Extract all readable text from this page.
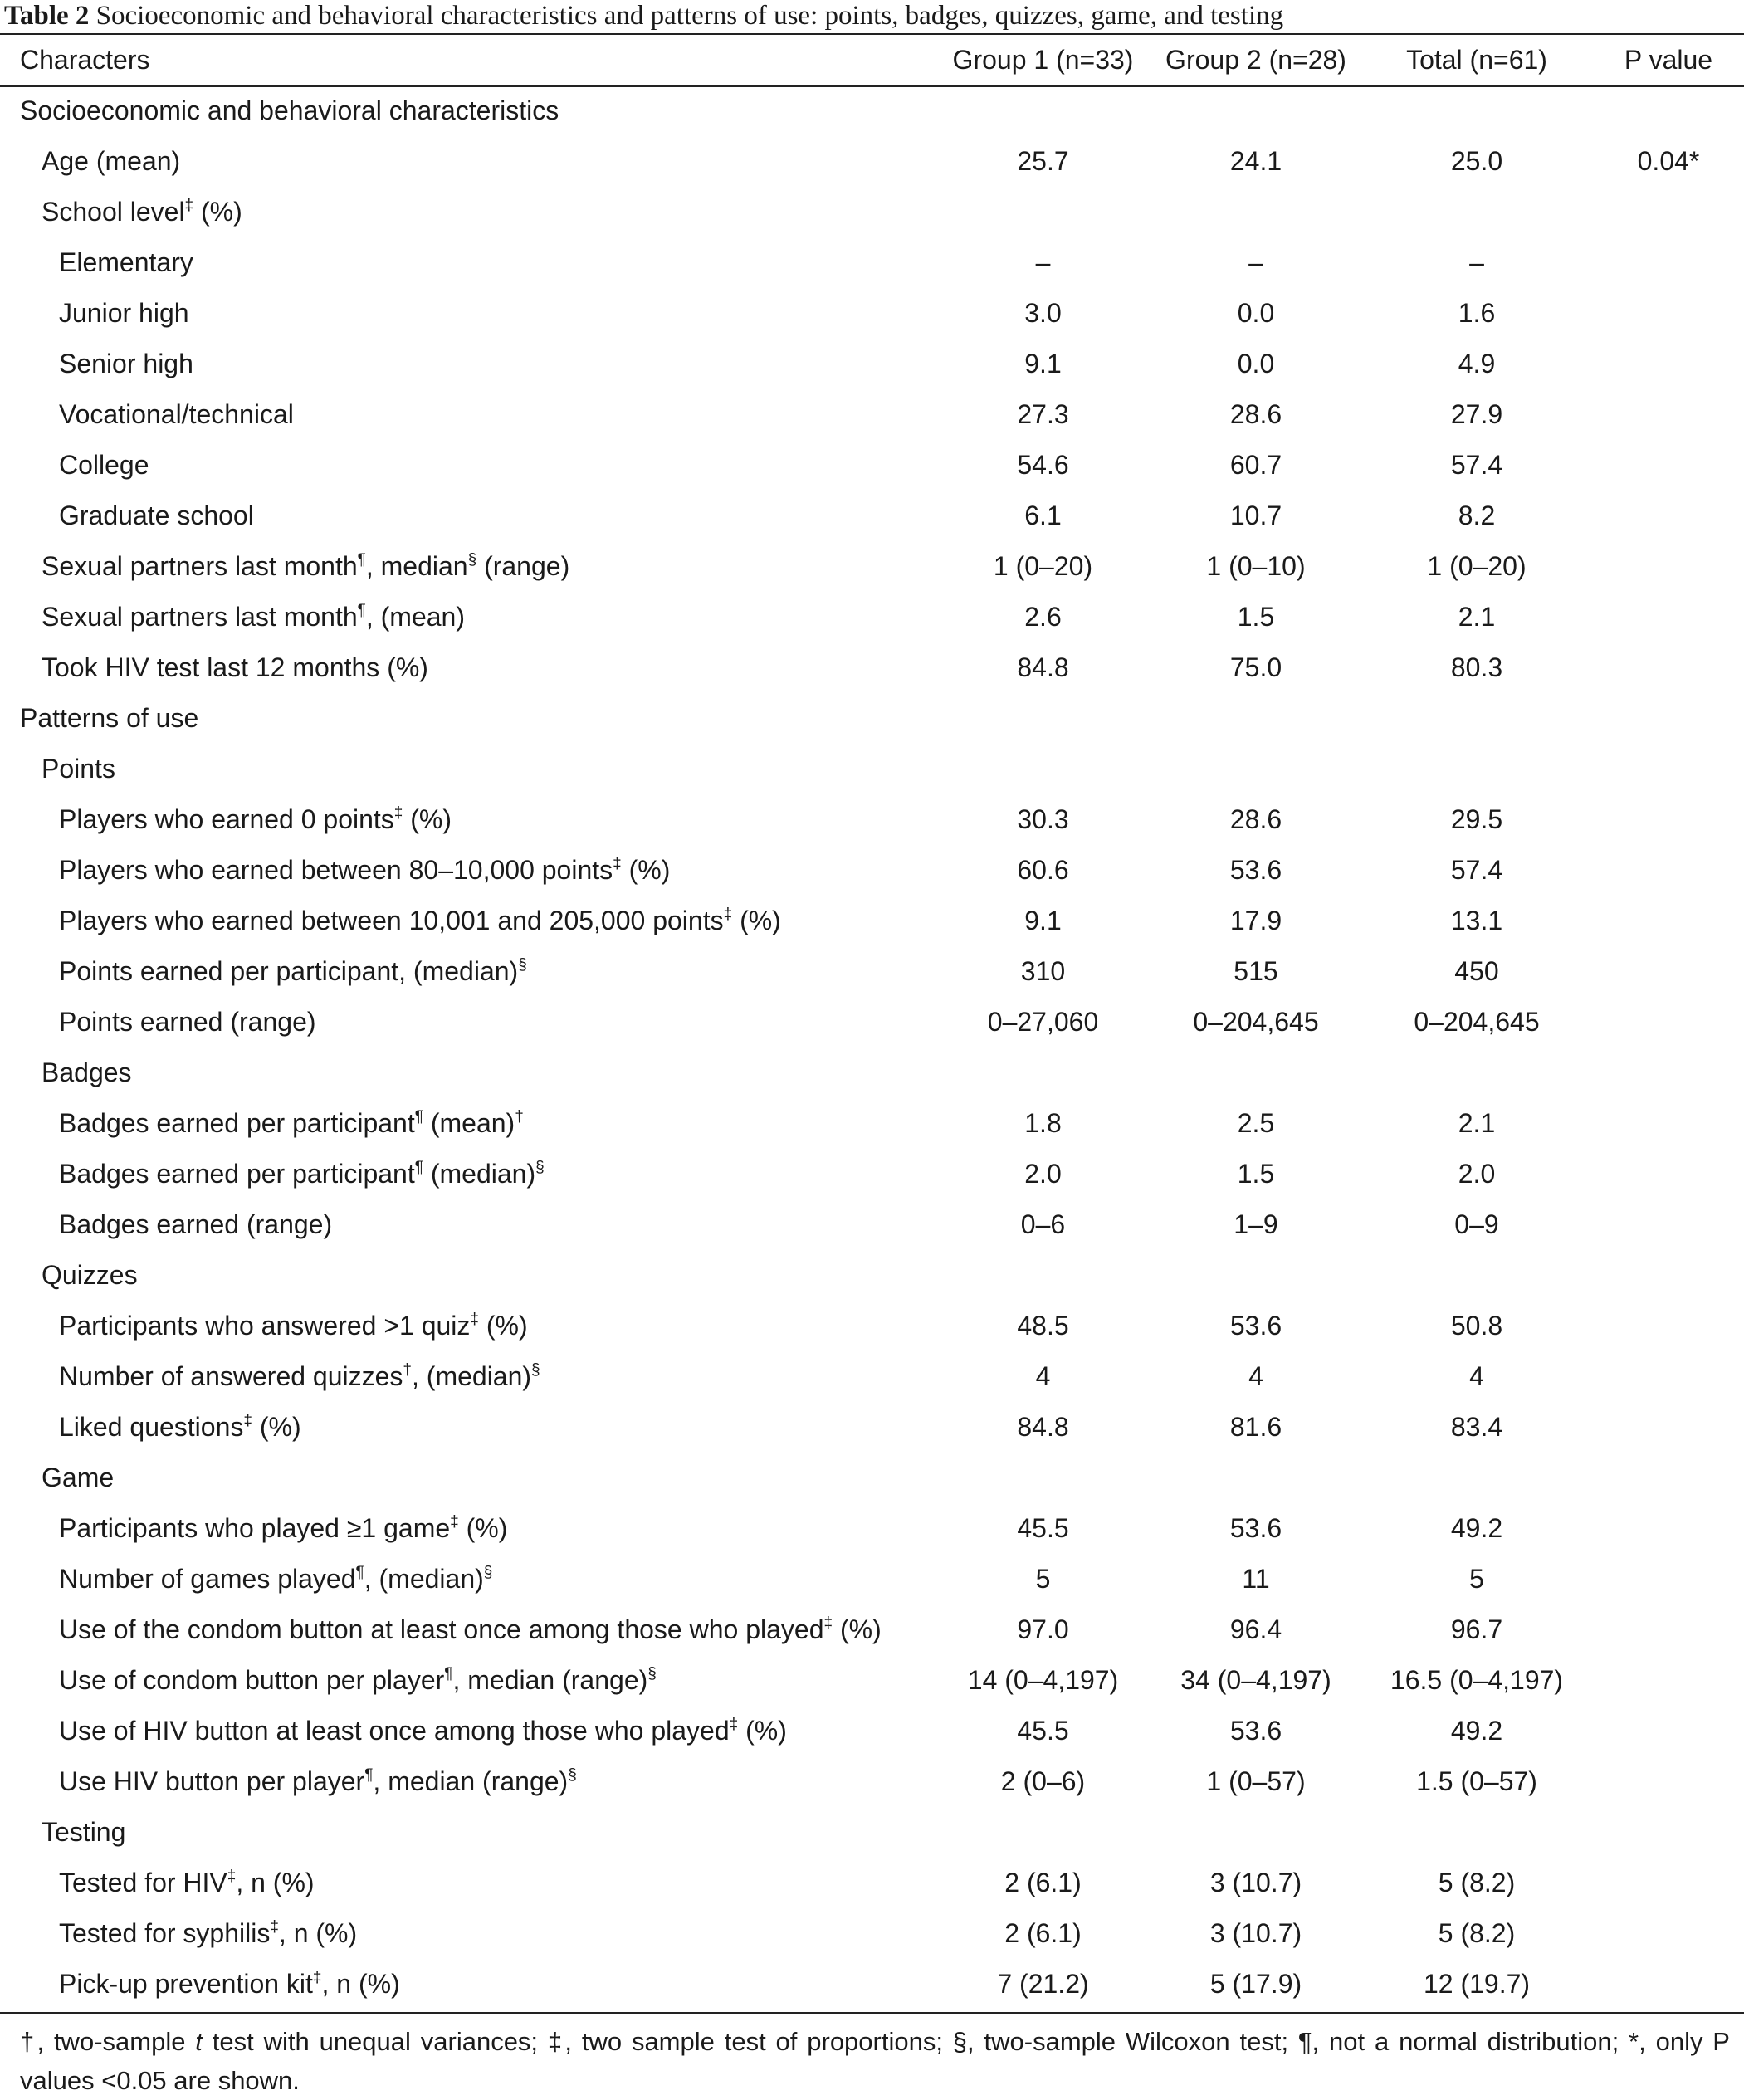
Table 2 Socioeconomic and behavioral characteristics and patterns of use: points, badges, quizzes, game, and testing
Characters	Group 1 (n=33)	Group 2 (n=28)	Total (n=61)	P value
Socioeconomic and behavioral characteristics				
Age (mean)	25.7	24.1	25.0	0.04*
School level‡ (%)				
Elementary	–	–	–	
Junior high	3.0	0.0	1.6	
Senior high	9.1	0.0	4.9	
Vocational/technical	27.3	28.6	27.9	
College	54.6	60.7	57.4	
Graduate school	6.1	10.7	8.2	
Sexual partners last month¶, median§ (range)	1 (0–20)	1 (0–10)	1 (0–20)	
Sexual partners last month¶, (mean)	2.6	1.5	2.1	
Took HIV test last 12 months (%)	84.8	75.0	80.3	
Patterns of use				
Points				
Players who earned 0 points‡ (%)	30.3	28.6	29.5	
Players who earned between 80–10,000 points‡ (%)	60.6	53.6	57.4	
Players who earned between 10,001 and 205,000 points‡ (%)	9.1	17.9	13.1	
Points earned per participant, (median)§	310	515	450	
Points earned (range)	0–27,060	0–204,645	0–204,645	
Badges				
Badges earned per participant¶ (mean)†	1.8	2.5	2.1	
Badges earned per participant¶ (median)§	2.0	1.5	2.0	
Badges earned (range)	0–6	1–9	0–9	
Quizzes				
Participants who answered >1 quiz‡ (%)	48.5	53.6	50.8	
Number of answered quizzes†, (median)§	4	4	4	
Liked questions‡ (%)	84.8	81.6	83.4	
Game				
Participants who played ≥1 game‡ (%)	45.5	53.6	49.2	
Number of games played¶, (median)§	5	11	5	
Use of the condom button at least once among those who played‡ (%)	97.0	96.4	96.7	
Use of condom button per player¶, median (range)§	14 (0–4,197)	34 (0–4,197)	16.5 (0–4,197)	
Use of HIV button at least once among those who played‡ (%)	45.5	53.6	49.2	
Use HIV button per player¶, median (range)§	2 (0–6)	1 (0–57)	1.5 (0–57)	
Testing				
Tested for HIV‡, n (%)	2 (6.1)	3 (10.7)	5 (8.2)	
Tested for syphilis‡, n (%)	2 (6.1)	3 (10.7)	5 (8.2)	
Pick-up prevention kit‡, n (%)	7 (21.2)	5 (17.9)	12 (19.7)	
†, two-sample t test with unequal variances; ‡, two sample test of proportions; §, two-sample Wilcoxon test; ¶, not a normal distribution; *, only P values <0.05 are shown.
